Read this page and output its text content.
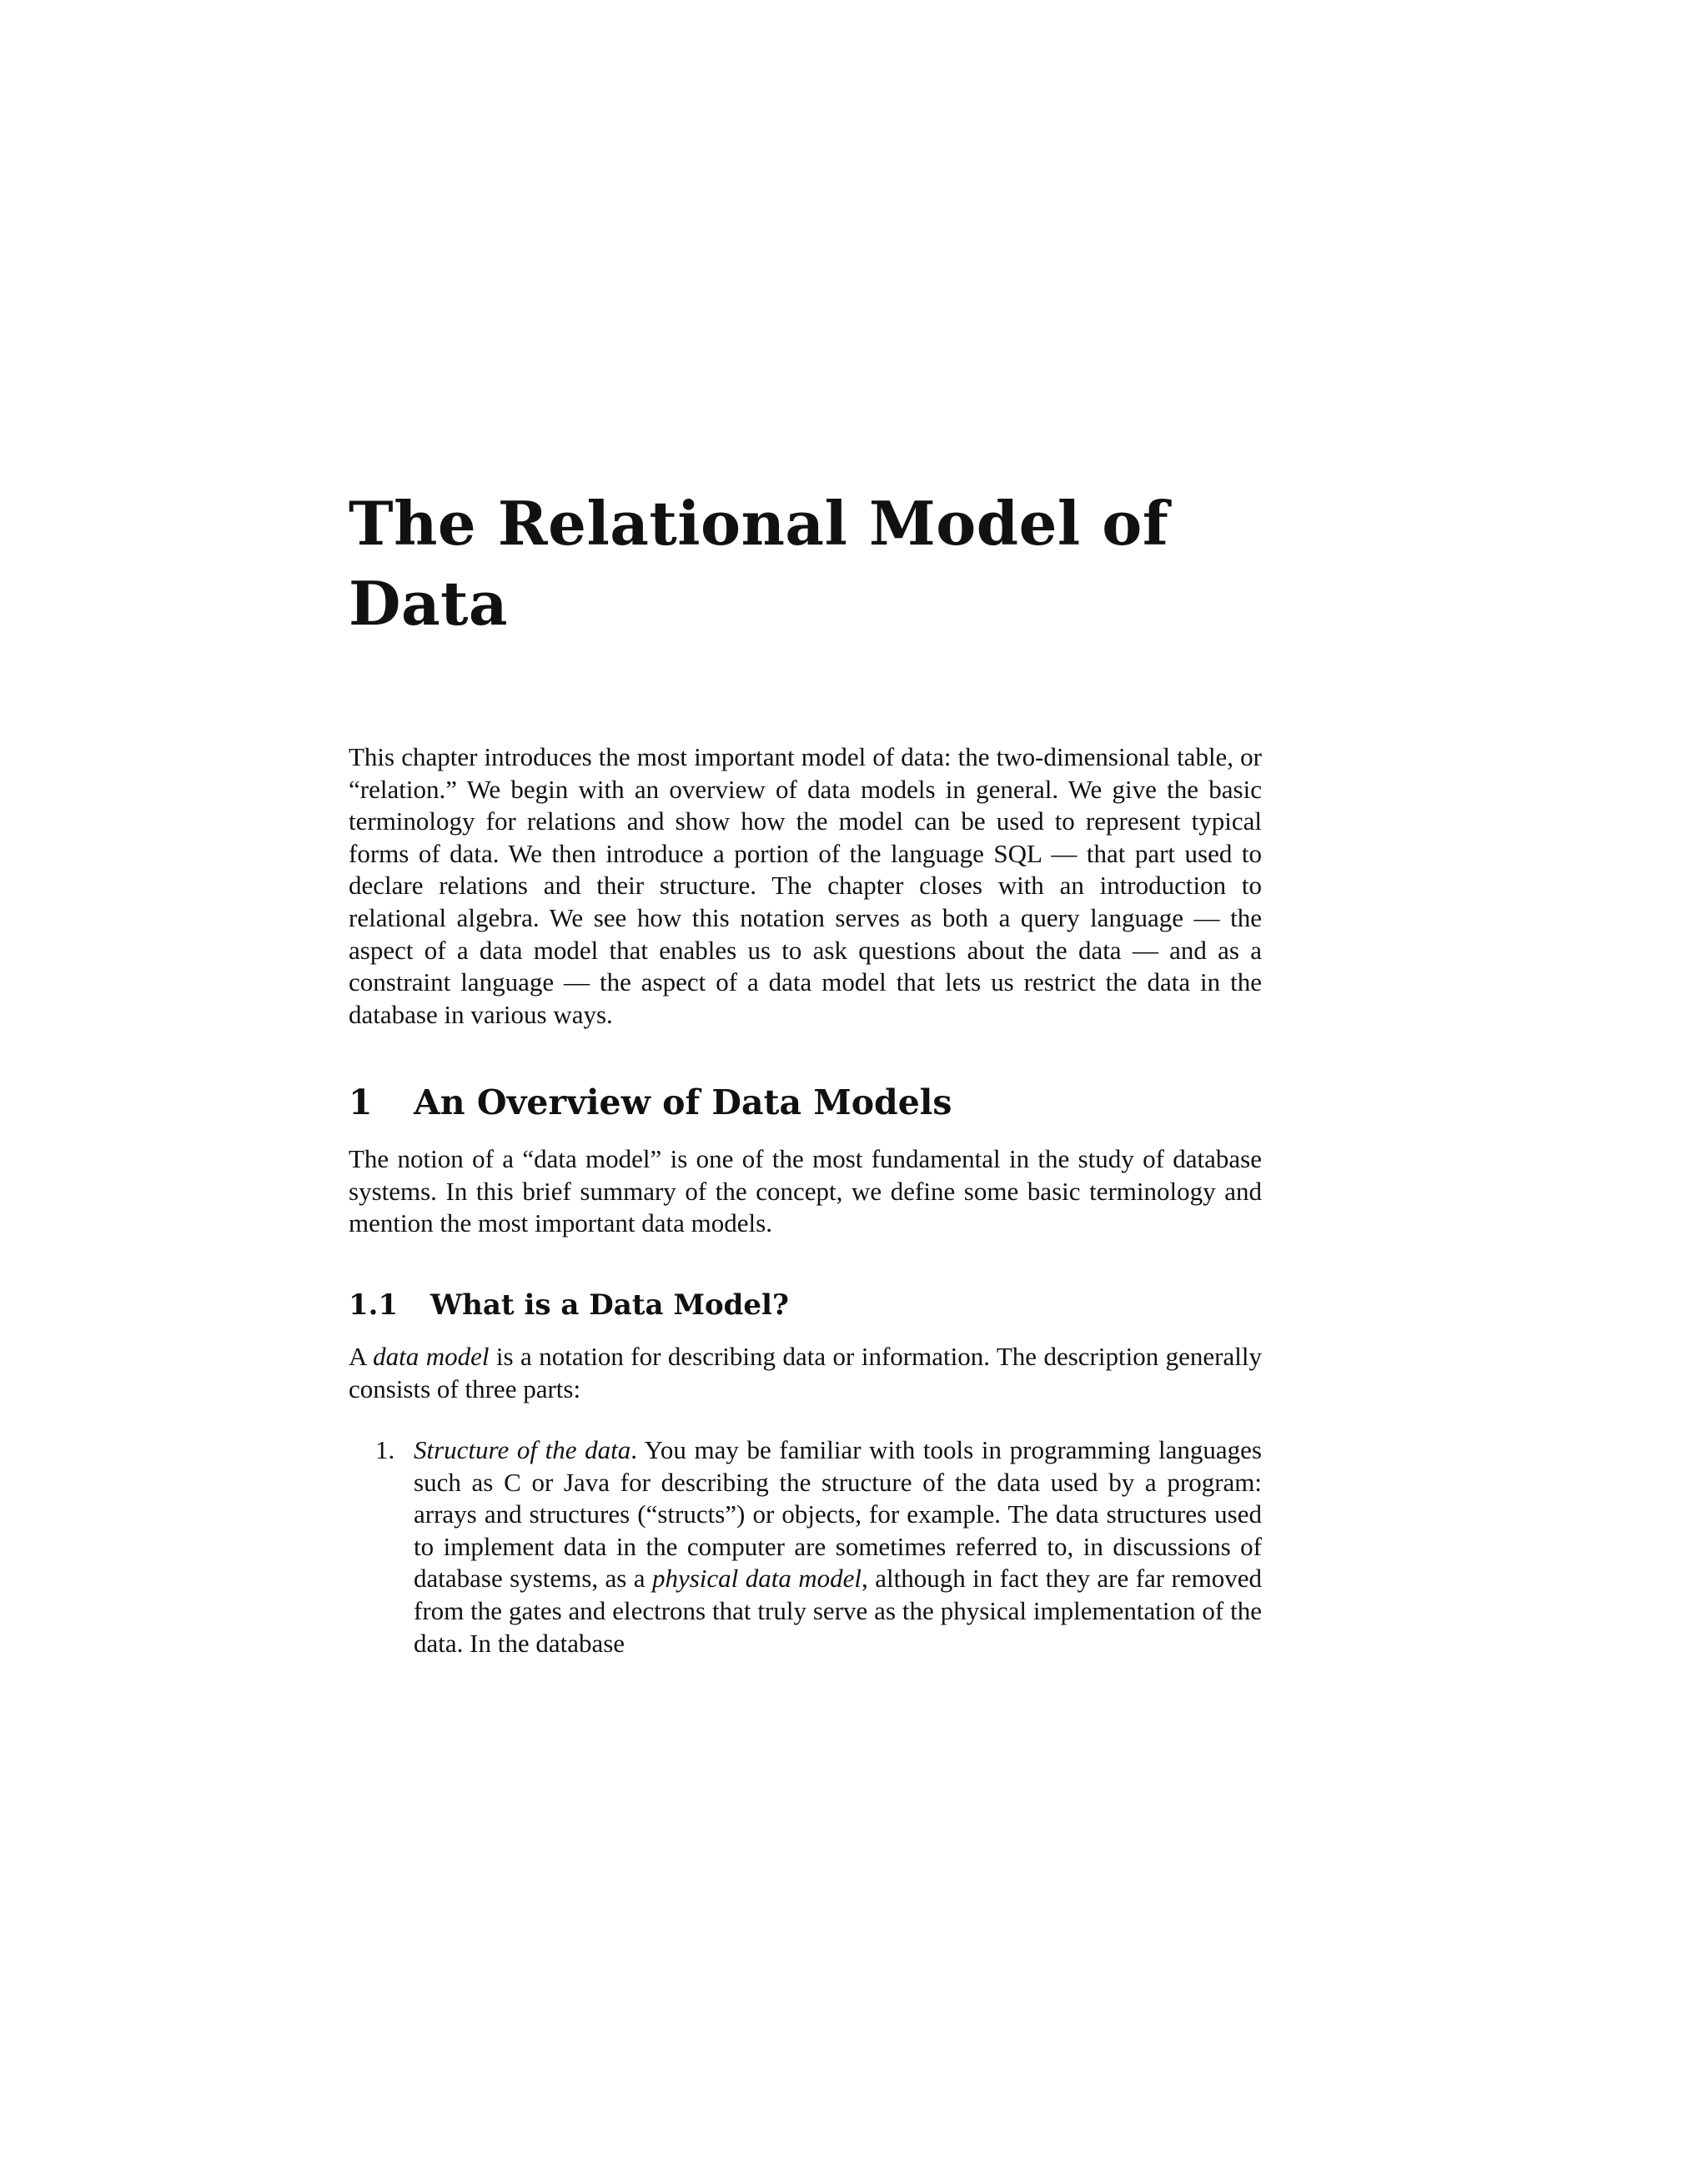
The Relational Model of Data

This chapter introduces the most important model of data: the two-dimensional table, or “relation.” We begin with an overview of data models in general. We give the basic terminology for relations and show how the model can be used to represent typical forms of data. We then introduce a portion of the language SQL — that part used to declare relations and their structure. The chapter closes with an introduction to relational algebra. We see how this notation serves as both a query language — the aspect of a data model that enables us to ask questions about the data — and as a constraint language — the aspect of a data model that lets us restrict the data in the database in various ways.

1	An Overview of Data Models

The notion of a “data model” is one of the most fundamental in the study of database systems. In this brief summary of the concept, we define some basic terminology and mention the most important data models.

1.1	What is a Data Model?

A data model is a notation for describing data or information. The description generally consists of three parts:

1. Structure of the data. You may be familiar with tools in programming languages such as C or Java for describing the structure of the data used by a program: arrays and structures (“structs”) or objects, for example. The data structures used to implement data in the computer are sometimes referred to, in discussions of database systems, as a physical data model, although in fact they are far removed from the gates and electrons that truly serve as the physical implementation of the data. In the database
